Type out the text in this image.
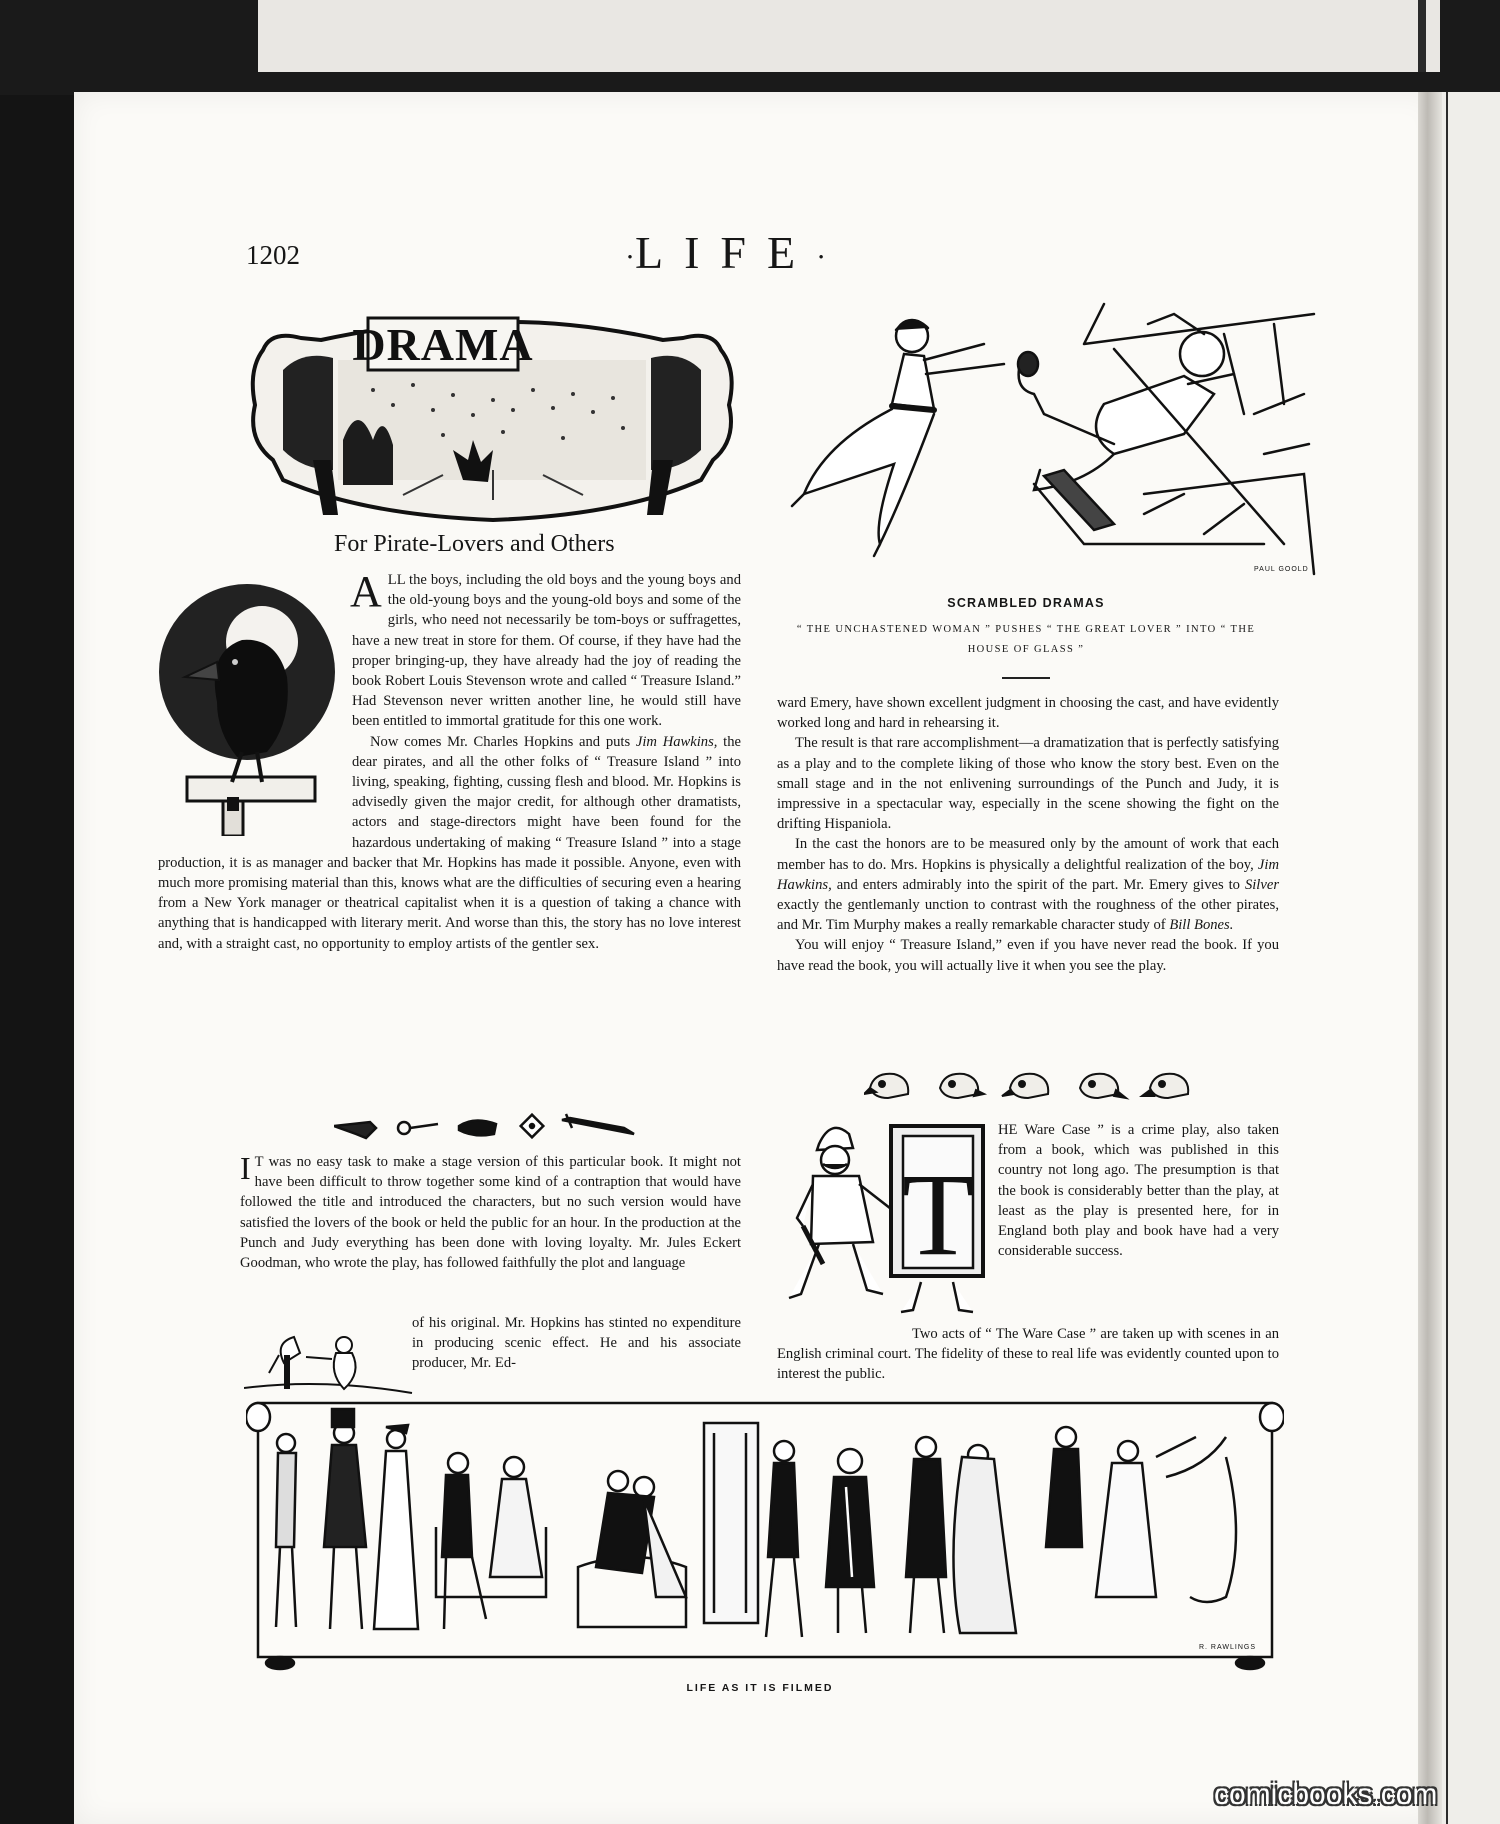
1202	·LIFE·
DRAMA
For Pirate-Lovers and Others

ALL the boys, including the old boys and the young boys and the old-young boys and the young-old boys and some of the girls, who need not necessarily be tom-boys or suffragettes, have a new treat in store for them. Of course, if they have had the proper bringing-up, they have already had the joy of reading the book Robert Louis Stevenson wrote and called “ Treasure Island.” Had Stevenson never written another line, he would still have been entitled to immortal gratitude for this one work.

Now comes Mr. Charles Hopkins and puts Jim Hawkins, the dear pirates, and all the other folks of “ Treasure Island ” into living, speaking, fighting, cussing flesh and blood. Mr. Hopkins is advisedly given the major credit, for although other dramatists, actors and stage-directors might have been found for the hazardous undertaking of making “ Treasure Island ” into a stage production, it is as manager and backer that Mr. Hopkins has made it possible. Anyone, even with much more promising material than this, knows what are the difficulties of securing even a hearing from a New York manager or theatrical capitalist when it is a question of taking a chance with anything that is handicapped with literary merit. And worse than this, the story has no love interest and, with a straight cast, no opportunity to employ artists of the gentler sex.

I T was no easy task to make a stage version of this particular book. It might not have been difficult to throw together some kind of a contraption that would have followed the title and introduced the characters, but no such version would have satisfied the lovers of the book or held the public for an hour. In the production at the Punch and Judy everything has been done with loving loyalty. Mr. Jules Eckert Goodman, who wrote the play, has followed faithfully the plot and language

of his original. Mr. Hopkins has stinted no expenditure in producing scenic effect. He and his associate producer, Mr. Ed-

PAUL GOOLD
SCRAMBLED DRAMAS
“ THE UNCHASTENED WOMAN ” PUSHES “ THE GREAT LOVER ” INTO “ THE HOUSE OF GLASS ”

ward Emery, have shown excellent judgment in choosing the cast, and have evidently worked long and hard in rehearsing it.

The result is that rare accomplishment—a dramatization that is perfectly satisfying as a play and to the complete liking of those who know the story best. Even on the small stage and in the not enlivening surroundings of the Punch and Judy, it is impressive in a spectacular way, especially in the scene showing the fight on the drifting Hispaniola.

In the cast the honors are to be measured only by the amount of work that each member has to do. Mrs. Hopkins is physically a delightful realization of the boy, Jim Hawkins, and enters admirably into the spirit of the part. Mr. Emery gives to Silver exactly the gentlemanly unction to contrast with the roughness of the other pirates, and Mr. Tim Murphy makes a really remarkable character study of Bill Bones.

You will enjoy “ Treasure Island,” even if you have never read the book. If you have read the book, you will actually live it when you see the play.

T

HE Ware Case ” is a crime play, also taken from a book, which was published in this country not long ago. The presumption is that the book is considerably better than the play, at least as the play is presented here, for in England both play and book have had a very considerable success.

Two acts of “ The Ware Case ” are taken up with scenes in an English criminal court. The fidelity of these to real life was evidently counted upon to interest the public.

R. RAWLINGS
LIFE AS IT IS FILMED
comicbooks.com
